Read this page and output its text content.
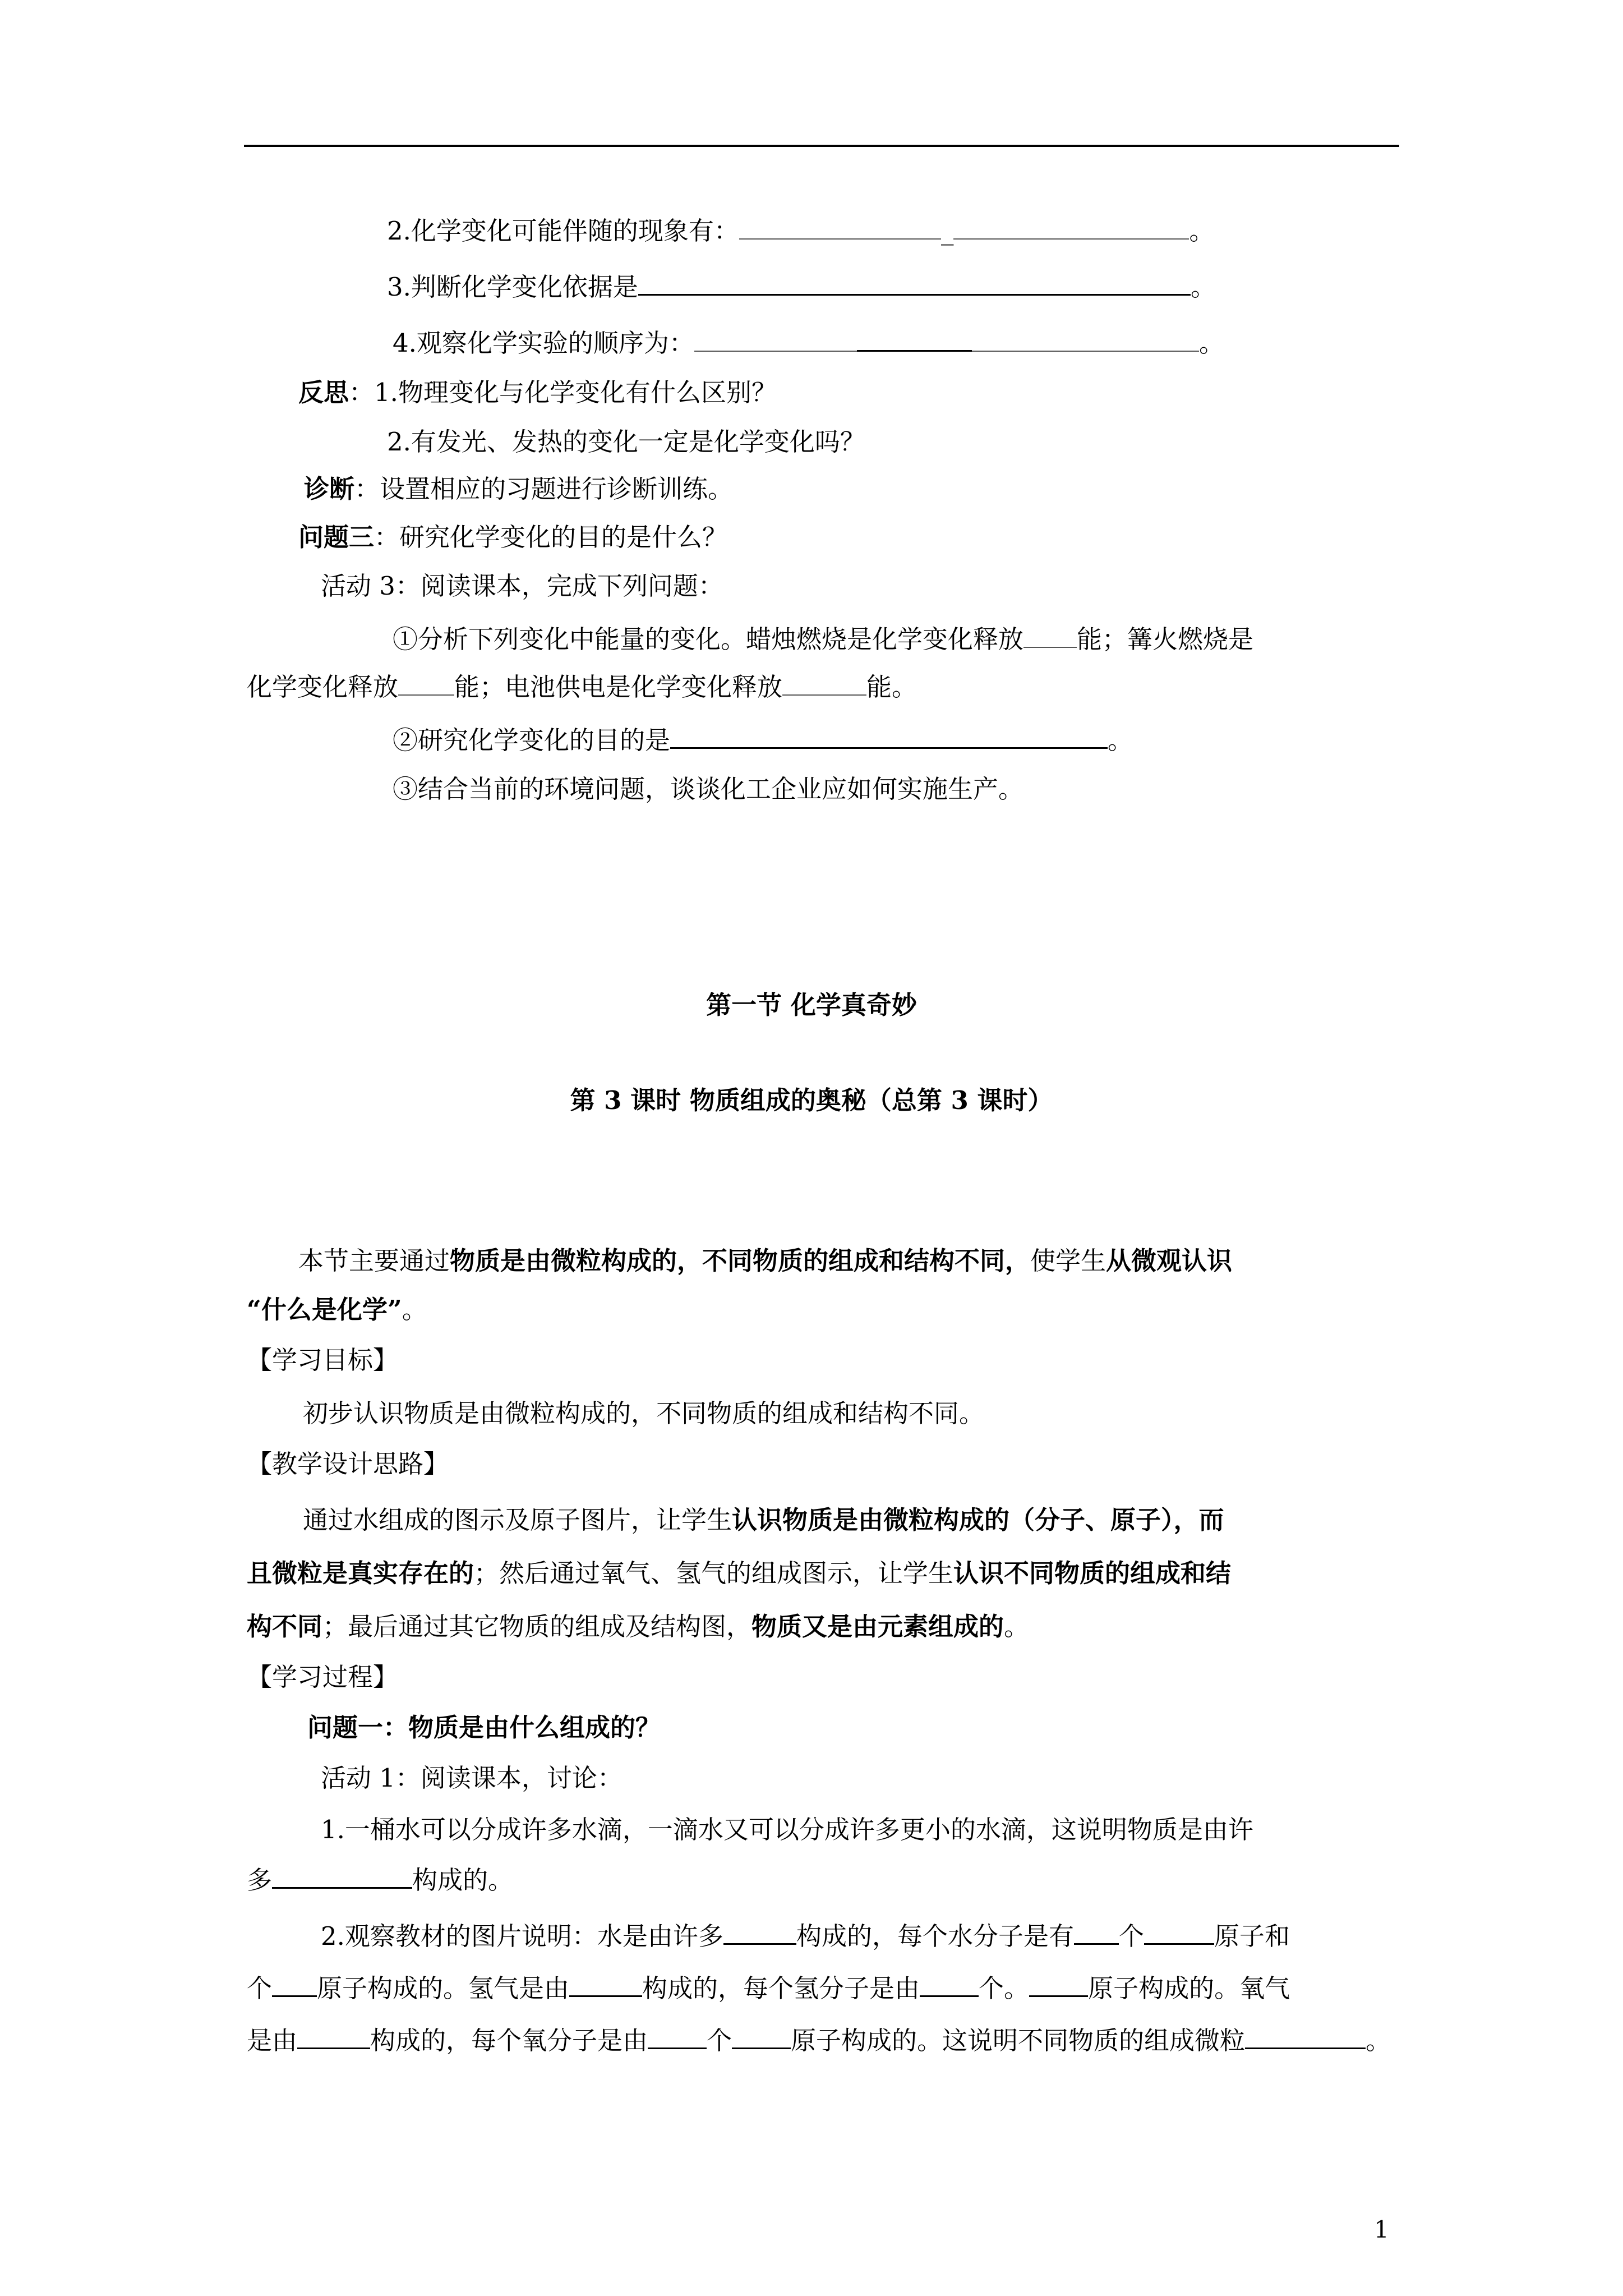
2.化学变化可能伴随的现象有：	_	。
3.判断化学变化依据是	。
4.观察化学实验的顺序为：	。
反思：1.物理变化与化学变化有什么区别？
2.有发光、发热的变化一定是化学变化吗？
诊断：设置相应的习题进行诊断训练。
问题三：研究化学变化的目的是什么？
活动 3：阅读课本，完成下列问题：
①分析下列变化中能量的变化。蜡烛燃烧是化学变化释放 能；篝火燃烧是
化学变化释放 能；电池供电是化学变化释放	能。
②研究化学变化的目的是	。
③结合当前的环境问题，谈谈化工企业应如何实施生产。
第一节 化学真奇妙
第 3 课时 物质组成的奥秘（总第 3 课时）
本节主要通过物质是由微粒构成的，不同物质的组成和结构不同，使学生从微观认识
“什么是化学”。
【学习目标】
初步认识物质是由微粒构成的，不同物质的组成和结构不同。
【教学设计思路】
通过水组成的图示及原子图片，让学生认识物质是由微粒构成的（分子、原子），而
且微粒是真实存在的；然后通过氧气、氢气的组成图示，让学生认识不同物质的组成和结
构不同；最后通过其它物质的组成及结构图，物质又是由元素组成的。
【学习过程】
问题一：物质是由什么组成的？
活动 1：阅读课本，讨论：
1.一桶水可以分成许多水滴，一滴水又可以分成许多更小的水滴，这说明物质是由许
多	构成的。
2.观察教材的图片说明：水是由许多	构成的，每个水分子是有 个	原子和
个 原子构成的。氢气是由	构成的，每个氢分子是由 个。 原子构成的。氧气
是由	构成的，每个氧分子是由 个 原子构成的。这说明不同物质的组成微粒	。
1
